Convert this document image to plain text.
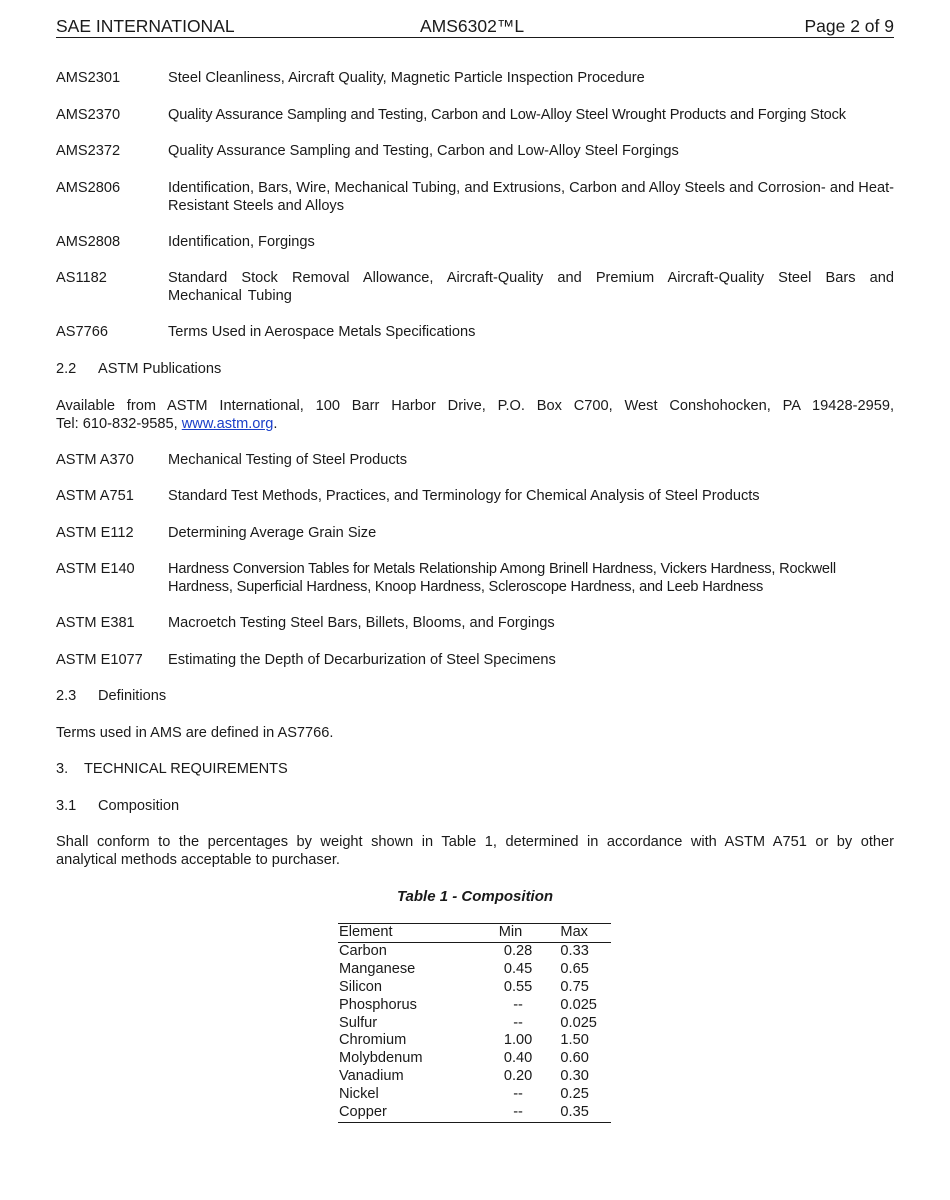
SAE INTERNATIONAL	AMS6302™L	Page 2 of 9
AMS2301	Steel Cleanliness, Aircraft Quality, Magnetic Particle Inspection Procedure
AMS2370	Quality Assurance Sampling and Testing, Carbon and Low-Alloy Steel Wrought Products and Forging Stock
AMS2372	Quality Assurance Sampling and Testing, Carbon and Low-Alloy Steel Forgings
AMS2806	Identification, Bars, Wire, Mechanical Tubing, and Extrusions, Carbon and Alloy Steels and Corrosion- and Heat-Resistant Steels and Alloys
AMS2808	Identification, Forgings
AS1182	Standard Stock Removal Allowance, Aircraft-Quality and Premium Aircraft-Quality Steel Bars and Mechanical Tubing
AS7766	Terms Used in Aerospace Metals Specifications
2.2 ASTM Publications
Available from ASTM International, 100 Barr Harbor Drive, P.O. Box C700, West Conshohocken, PA 19428-2959,
Tel: 610-832-9585, www.astm.org.
ASTM A370	Mechanical Testing of Steel Products
ASTM A751	Standard Test Methods, Practices, and Terminology for Chemical Analysis of Steel Products
ASTM E112	Determining Average Grain Size
ASTM E140	Hardness Conversion Tables for Metals Relationship Among Brinell Hardness, Vickers Hardness, Rockwell Hardness, Superficial Hardness, Knoop Hardness, Scleroscope Hardness, and Leeb Hardness
ASTM E381	Macroetch Testing Steel Bars, Billets, Blooms, and Forgings
ASTM E1077	Estimating the Depth of Decarburization of Steel Specimens
2.3 Definitions
Terms used in AMS are defined in AS7766.
3. TECHNICAL REQUIREMENTS
3.1 Composition
Shall conform to the percentages by weight shown in Table 1, determined in accordance with ASTM A751 or by other
analytical methods acceptable to purchaser.
Table 1 - Composition
Element	Min	Max
Carbon	0.28	0.33
Manganese	0.45	0.65
Silicon	0.55	0.75
Phosphorus	--	0.025
Sulfur	--	0.025
Chromium	1.00	1.50
Molybdenum	0.40	0.60
Vanadium	0.20	0.30
Nickel	--	0.25
Copper	--	0.35
